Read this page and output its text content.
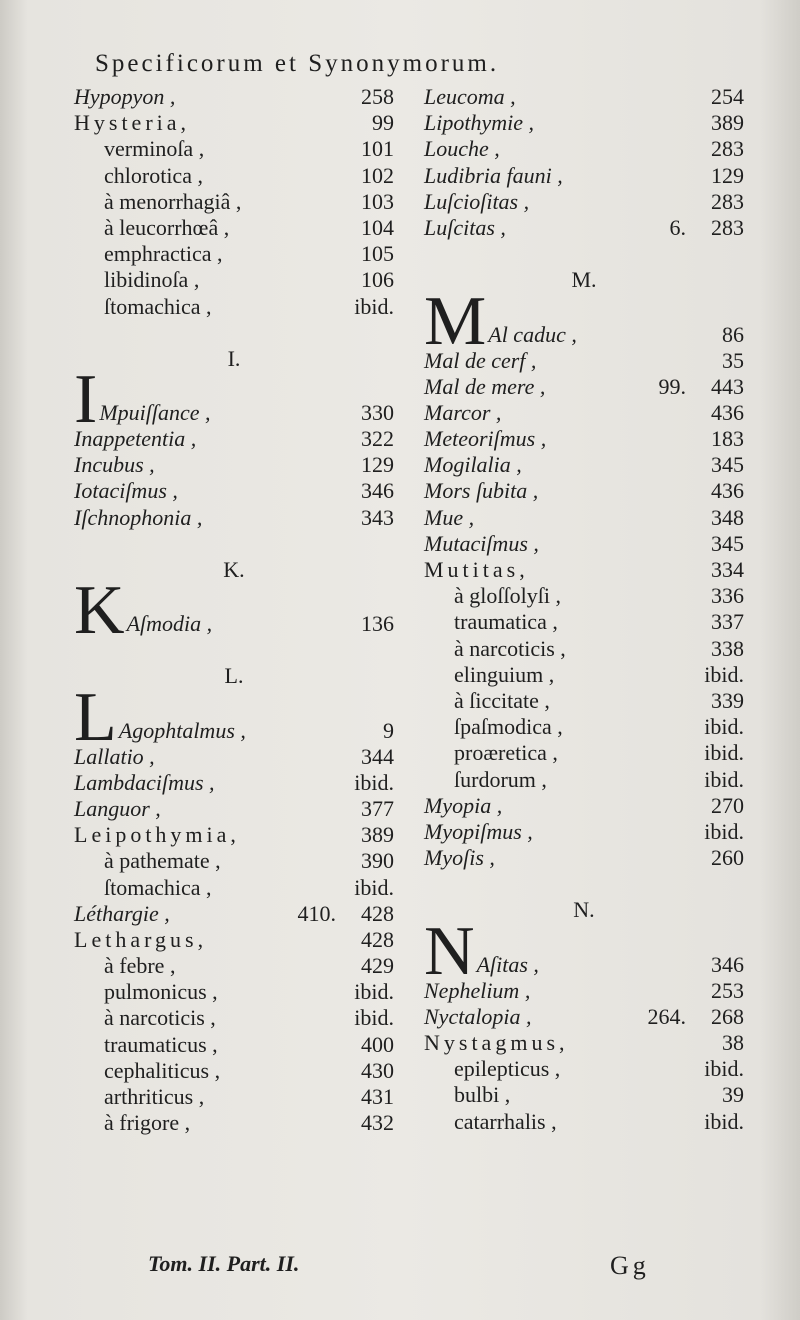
Specificorum et Synonymorum.
Hypopyon ,	258
Hysteria,	99
verminoſa ,	101
chlorotica ,	102
à menorrhagiâ ,	103
à leucorrhœâ ,	104
emphractica ,	105
libidinoſa ,	106
ſtomachica ,	ibid.
I.
IMpuiſſance ,	330
Inappetentia ,	322
Incubus ,	129
Iotaciſmus ,	346
Iſchnophonia ,	343
K.
KAſmodia ,	136
L.
LAgophtalmus ,	9
Lallatio ,	344
Lambdaciſmus ,	ibid.
Languor ,	377
Leipothymia,	389
à pathemate ,	390
ſtomachica ,	ibid.
Léthargie ,	410. 428
Lethargus,	428
à febre ,	429
pulmonicus ,	ibid.
à narcoticis ,	ibid.
traumaticus ,	400
cephaliticus ,	430
arthriticus ,	431
à frigore ,	432
Leucoma ,	254
Lipothymie ,	389
Louche ,	283
Ludibria fauni ,	129
Luſcioſitas ,	283
Luſcitas ,	6. 283
M.
MAl caduc ,	86
Mal de cerf ,	35
Mal de mere ,	99. 443
Marcor ,	436
Meteoriſmus ,	183
Mogilalia ,	345
Mors ſubita ,	436
Mue ,	348
Mutaciſmus ,	345
Mutitas,	334
à gloſſolyſi ,	336
traumatica ,	337
à narcoticis ,	338
elinguium ,	ibid.
à ſiccitate ,	339
ſpaſmodica ,	ibid.
proæretica ,	ibid.
ſurdorum ,	ibid.
Myopia ,	270
Myopiſmus ,	ibid.
Myoſis ,	260
N.
NAſitas ,	346
Nephelium ,	253
Nyctalopia ,	264. 268
Nystagmus,	38
epilepticus ,	ibid.
bulbi ,	39
catarrhalis ,	ibid.
Tom. II. Part. II.	Gg
